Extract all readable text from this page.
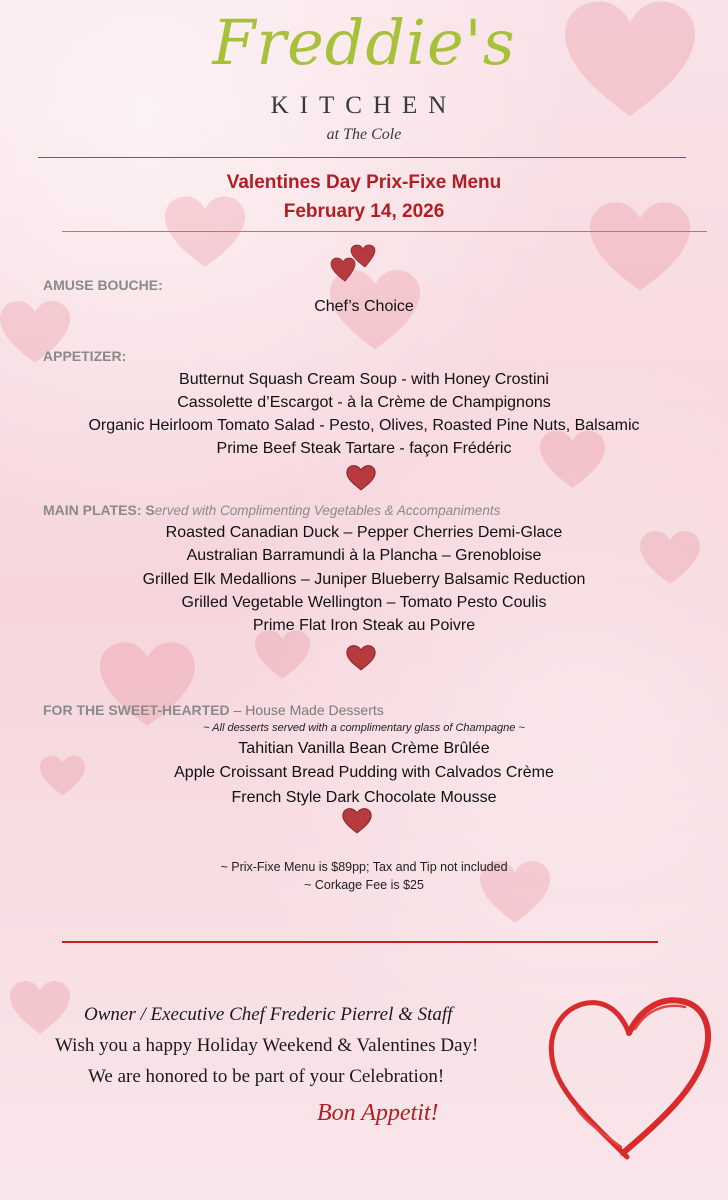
Freddie's
KITCHEN
at The Cole
Valentines Day Prix-Fixe Menu
February 14, 2026
AMUSE BOUCHE:
Chef’s Choice
APPETIZER:
Butternut Squash Cream Soup - with Honey Crostini
Cassolette d’Escargot - à la Crème de Champignons
Organic Heirloom Tomato Salad - Pesto, Olives, Roasted Pine Nuts, Balsamic
Prime Beef Steak Tartare - façon Frédéric
MAIN PLATES: Served with Complimenting Vegetables & Accompaniments
Roasted Canadian Duck – Pepper Cherries Demi-Glace
Australian Barramundi à la Plancha – Grenobloise
Grilled Elk Medallions – Juniper Blueberry Balsamic Reduction
Grilled Vegetable Wellington – Tomato Pesto Coulis
Prime Flat Iron Steak au Poivre
FOR THE SWEET-HEARTED – House Made Desserts
~ All desserts served with a complimentary glass of Champagne ~
Tahitian Vanilla Bean Crème Brûlée
Apple Croissant Bread Pudding with Calvados Crème
French Style Dark Chocolate Mousse
~ Prix-Fixe Menu is $89pp; Tax and Tip not included
~ Corkage Fee is $25
Owner / Executive Chef Frederic Pierrel & Staff
Wish you a happy Holiday Weekend & Valentines Day!
We are honored to be part of your Celebration!
Bon Appetit!
